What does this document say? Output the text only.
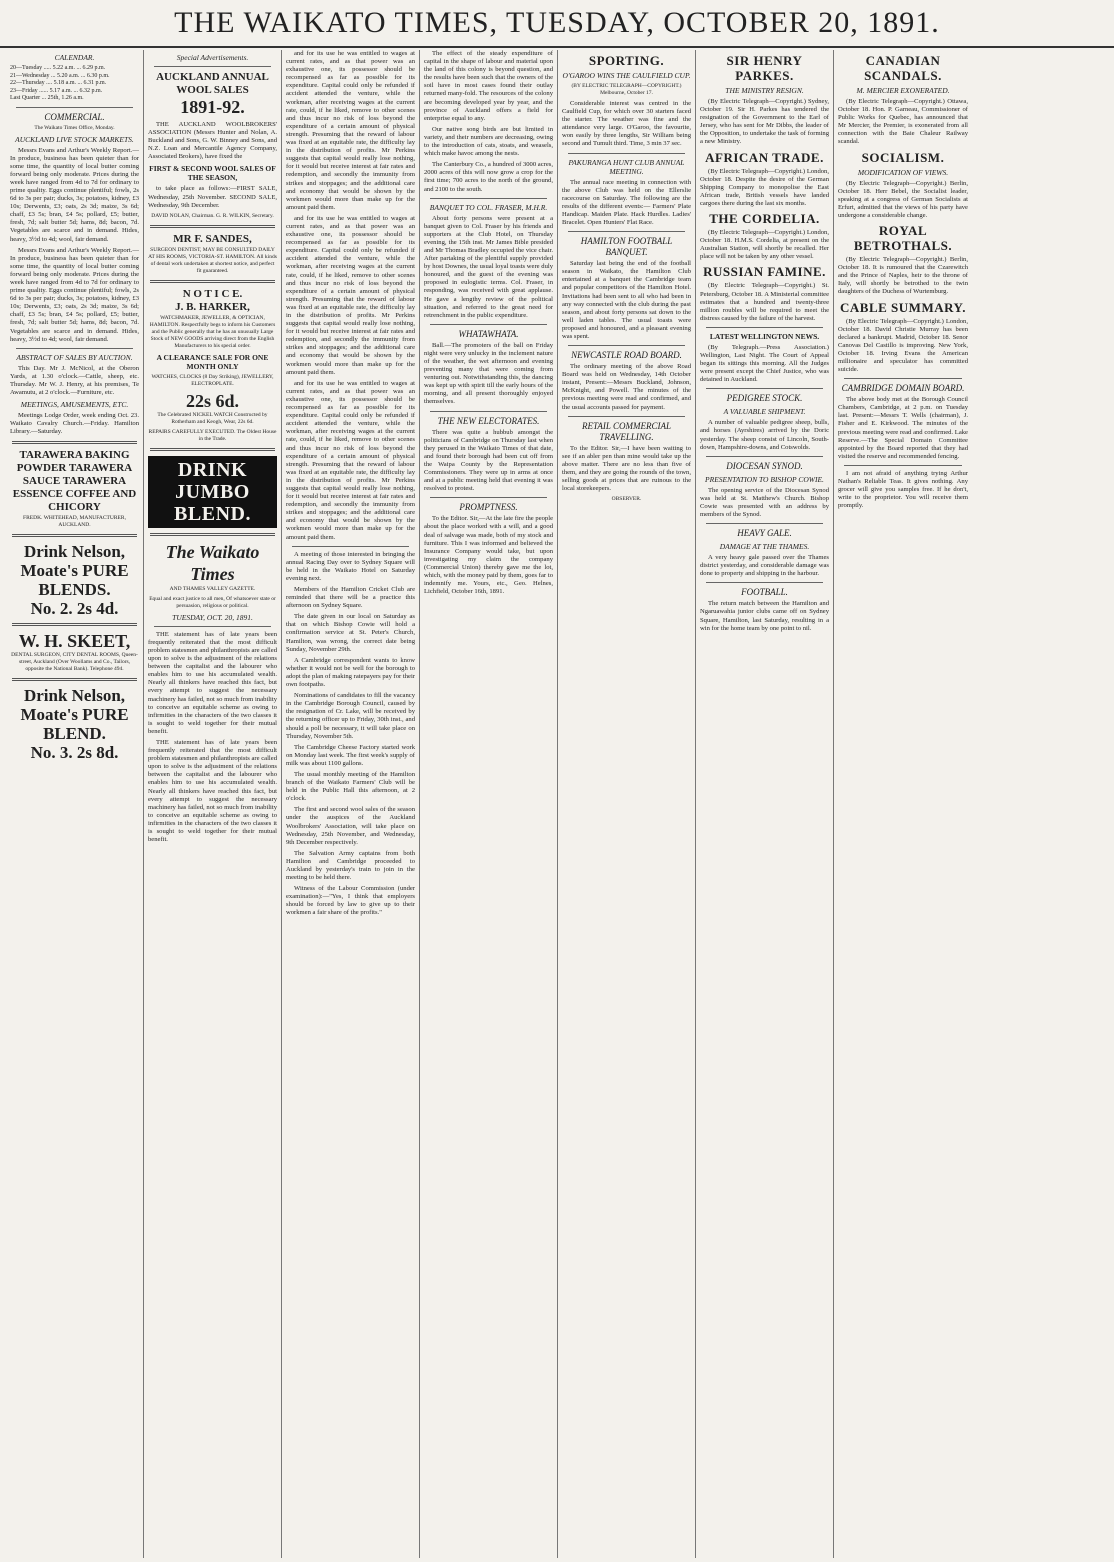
THE WAIKATO TIMES, TUESDAY, OCTOBER 20, 1891.
CALENDAR.
20—Tuesday ..... 5.22 a.m. ... 6.29 p.m.
21—Wednesday ... 5.20 a.m. ... 6.30 p.m.
22—Thursday .... 5.18 a.m. ... 6.31 p.m.
23—Friday ...... 5.17 a.m. ... 6.32 p.m.
Last Quarter ... 25th, 1.26 a.m.
COMMERCIAL.
The Waikato Times Office, Monday.
AUCKLAND LIVE STOCK MARKETS.

Messrs Evans and Arthur's Weekly Report.—In produce, business has been quieter than for some time, the quantity of local butter coming forward being only moderate. Prices during the week have ranged from 4d to 7d for ordinary to prime quality. Eggs continue plentiful; fowls, 2s 6d to 3s per pair; ducks, 3s; potatoes, kidney, £3 10s; Derwents, £3; oats, 2s 3d; maize, 3s 6d; chaff, £3 5s; bran, £4 5s; pollard, £5; butter, fresh, 7d; salt butter 5d; hams, 8d; bacon, 7d. Vegetables are scarce and in demand. Hides, heavy, 3½d to 4d; wool, fair demand.

Messrs Evans and Arthur's Weekly Report.—In produce, business has been quieter than for some time, the quantity of local butter coming forward being only moderate. Prices during the week have ranged from 4d to 7d for ordinary to prime quality. Eggs continue plentiful; fowls, 2s 6d to 3s per pair; ducks, 3s; potatoes, kidney, £3 10s; Derwents, £3; oats, 2s 3d; maize, 3s 6d; chaff, £3 5s; bran, £4 5s; pollard, £5; butter, fresh, 7d; salt butter 5d; hams, 8d; bacon, 7d. Vegetables are scarce and in demand. Hides, heavy, 3½d to 4d; wool, fair demand.

ABSTRACT OF SALES BY AUCTION.

This Day. Mr J. McNicol, at the Oberon Yards, at 1.30 o'clock.—Cattle, sheep, etc. Thursday. Mr W. J. Henry, at his premises, Te Awamutu, at 2 o'clock.—Furniture, etc.

MEETINGS, AMUSEMENTS, ETC.

Meetings Lodge Order, week ending Oct. 23. Waikato Cavalry Church.—Friday. Hamilton Library.—Saturday.

TARAWERA BAKING POWDER TARAWERA SAUCE TARAWERA ESSENCE COFFEE AND CHICORY
FREDK. WHITEHEAD, MANUFACTURER, AUCKLAND.
Drink Nelson, Moate's PURE BLENDS.
No. 2. 2s 4d.
W. H. SKEET,
DENTAL SURGEON, CITY DENTAL ROOMS, Queen-street, Auckland (Over Woollams and Co., Tailors, opposite the National Bank). Telephone 494.
Drink Nelson, Moate's PURE BLEND.
No. 3. 2s 8d.
Special Advertisements.
AUCKLAND ANNUAL WOOL SALES
1891-92.

THE AUCKLAND WOOLBROKERS' ASSOCIATION (Messrs Hunter and Nolan, A. Buckland and Sons, G. W. Binney and Sons, and N.Z. Loan and Mercantile Agency Company, Associated Brokers), have fixed the

FIRST & SECOND WOOL SALES OF THE SEASON,

to take place as follows:—FIRST SALE, Wednesday, 25th November. SECOND SALE, Wednesday, 9th December.

DAVID NOLAN, Chairman. G. R. WILKIN, Secretary.
MR F. SANDES,
SURGEON DENTIST, MAY BE CONSULTED DAILY AT HIS ROOMS, VICTORIA-ST. HAMILTON. All kinds of dental work undertaken at shortest notice, and perfect fit guaranteed.
N O T I C E.
J. B. HARKER,
WATCHMAKER, JEWELLER, & OPTICIAN, HAMILTON. Respectfully begs to inform his Customers and the Public generally that he has an unusually Large Stock of NEW GOODS arriving direct from the English Manufacturers to his special order.
A CLEARANCE SALE FOR ONE MONTH ONLY
WATCHES, CLOCKS (8 Day Striking), JEWELLERY, ELECTROPLATE.
22s 6d.
The Celebrated NICKEL WATCH Constructed by Rotherham and Keogh, Wear, 22s 6d.
REPAIRS CAREFULLY EXECUTED. The Oldest House in the Trade.
DRINK JUMBO BLEND.
The Waikato Times
AND THAMES VALLEY GAZETTE.
Equal and exact justice to all men, Of whatsoever state or persuasion, religious or political.
TUESDAY, OCT. 20, 1891.

THE statement has of late years been frequently reiterated that the most difficult problem statesmen and philanthropists are called upon to solve is the adjustment of the relations between the capitalist and the labourer who enables him to use his accumulated wealth. Nearly all thinkers have reached this fact, but every attempt to suggest the necessary machinery has failed, not so much from inability to conceive an equitable scheme as owing to infirmities in the characters of the two classes it is sought to weld together for their mutual benefit.

THE statement has of late years been frequently reiterated that the most difficult problem statesmen and philanthropists are called upon to solve is the adjustment of the relations between the capitalist and the labourer who enables him to use his accumulated wealth. Nearly all thinkers have reached this fact, but every attempt to suggest the necessary machinery has failed, not so much from inability to conceive an equitable scheme as owing to infirmities in the characters of the two classes it is sought to weld together for their mutual benefit.

and for its use he was entitled to wages at current rates, and as that power was an exhaustive one, its possessor should be recompensed as far as possible for its expenditure. Capital could only be refunded if accident attended the venture, while the workman, after receiving wages at the current rate, could, if he liked, remove to other scenes and thus incur no risk of loss beyond the expenditure of a certain amount of physical strength. Presuming that the reward of labour was fixed at an equitable rate, the difficulty lay in the distribution of profits. Mr Perkins suggests that capital would really lose nothing, for it would but receive interest at fair rates and redemption, and secondly the immunity from strikes and stoppages; and the additional care and economy that would be shown by the workmen would more than make up for the amount paid them.

and for its use he was entitled to wages at current rates, and as that power was an exhaustive one, its possessor should be recompensed as far as possible for its expenditure. Capital could only be refunded if accident attended the venture, while the workman, after receiving wages at the current rate, could, if he liked, remove to other scenes and thus incur no risk of loss beyond the expenditure of a certain amount of physical strength. Presuming that the reward of labour was fixed at an equitable rate, the difficulty lay in the distribution of profits. Mr Perkins suggests that capital would really lose nothing, for it would but receive interest at fair rates and redemption, and secondly the immunity from strikes and stoppages; and the additional care and economy that would be shown by the workmen would more than make up for the amount paid them.

and for its use he was entitled to wages at current rates, and as that power was an exhaustive one, its possessor should be recompensed as far as possible for its expenditure. Capital could only be refunded if accident attended the venture, while the workman, after receiving wages at the current rate, could, if he liked, remove to other scenes and thus incur no risk of loss beyond the expenditure of a certain amount of physical strength. Presuming that the reward of labour was fixed at an equitable rate, the difficulty lay in the distribution of profits. Mr Perkins suggests that capital would really lose nothing, for it would but receive interest at fair rates and redemption, and secondly the immunity from strikes and stoppages; and the additional care and economy that would be shown by the workmen would more than make up for the amount paid them.

A meeting of those interested in bringing the annual Racing Day over to Sydney Square will be held in the Waikato Hotel on Saturday evening next.

Members of the Hamilton Cricket Club are reminded that there will be a practice this afternoon on Sydney Square.

The date given in our local on Saturday as that on which Bishop Cowie will hold a confirmation service at St. Peter's Church, Hamilton, was wrong, the correct date being Sunday, November 29th.

A Cambridge correspondent wants to know whether it would not be well for the borough to adopt the plan of making ratepayers pay for their own footpaths.

Nominations of candidates to fill the vacancy in the Cambridge Borough Council, caused by the resignation of Cr. Lake, will be received by the returning officer up to Friday, 30th inst., and should a poll be necessary, it will take place on Thursday, November 5th.

The Cambridge Cheese Factory started work on Monday last week. The first week's supply of milk was about 1100 gallons.

The usual monthly meeting of the Hamilton branch of the Waikato Farmers' Club will be held in the Public Hall this afternoon, at 2 o'clock.

The first and second wool sales of the season under the auspices of the Auckland Woolbrokers' Association, will take place on Wednesday, 25th November, and Wednesday, 9th December respectively.

The Salvation Army captains from both Hamilton and Cambridge proceeded to Auckland by yesterday's train to join in the meeting to be held there.

Witness of the Labour Commission (under examination):—"Yes, I think that employers should be forced by law to give up to their workmen a fair share of the profits."

The effect of the steady expenditure of capital in the shape of labour and material upon the land of this colony is beyond question, and the results have been such that the owners of the soil have in most cases found their outlay returned many-fold. The resources of the colony are becoming developed year by year, and the province of Auckland offers a field for enterprise equal to any.

Our native song birds are but limited in variety, and their numbers are decreasing, owing to the introduction of cats, stoats, and weasels, which make havoc among the nests.

The Canterbury Co., a hundred of 3000 acres, 2000 acres of this will now grow a crop for the first time; 700 acres to the north of the ground, and 2100 to the south.

BANQUET TO COL. FRASER, M.H.R.

About forty persons were present at a banquet given to Col. Fraser by his friends and supporters at the Club Hotel, on Thursday evening, the 15th inst. Mr James Bible presided and Mr Thomas Bradley occupied the vice chair. After partaking of the plentiful supply provided by host Downes, the usual loyal toasts were duly honoured, and the guest of the evening was proposed in eulogistic terms. Col. Fraser, in responding, was received with great applause. He gave a lengthy review of the political situation, and referred to the great need for retrenchment in the public expenditure.

WHATAWHATA.

Ball.—The promoters of the ball on Friday night were very unlucky in the inclement nature of the weather, the wet afternoon and evening preventing many that were coming from venturing out. Notwithstanding this, the dancing was kept up with spirit till the early hours of the morning, and all present thoroughly enjoyed themselves.

THE NEW ELECTORATES.

There was quite a hubbub amongst the politicians of Cambridge on Thursday last when they perused in the Waikato Times of that date, and found their borough had been cut off from the Waipa County by the Representation Commissioners. They were up in arms at once and at a public meeting held that evening it was resolved to protest.

PROMPTNESS.

To the Editor. Sir,—At the late fire the people about the place worked with a will, and a good deal of salvage was made, both of my stock and furniture. This I was informed and believed the Insurance Company would take, but upon investigating my claim the company (Commercial Union) thereby gave me the lot, which, with the money paid by them, goes far to indemnify me. Yours, etc., Geo. Helnes, Lichfield, October 16th, 1891.

SPORTING.
O'GAROO WINS THE CAULFIELD CUP.
(BY ELECTRIC TELEGRAPH—COPYRIGHT.) Melbourne, October 17.

Considerable interest was centred in the Caulfield Cup, for which over 30 starters faced the starter. The weather was fine and the attendance very large. O'Garoo, the favourite, won easily by three lengths, Sir William being second and Tumult third. Time, 3 min 37 sec.

PAKURANGA HUNT CLUB ANNUAL MEETING.

The annual race meeting in connection with the above Club was held on the Ellerslie racecourse on Saturday. The following are the results of the different events:— Farmers' Plate Handicap. Maiden Plate. Hack Hurdles. Ladies' Bracelet. Open Hunters' Flat Race.

HAMILTON FOOTBALL BANQUET.

Saturday last being the end of the football season in Waikato, the Hamilton Club entertained at a banquet the Cambridge team and popular competitors of the Hamilton Hotel. Invitations had been sent to all who had been in any way connected with the club during the past season, and about forty persons sat down to the well laden tables. The usual toasts were proposed and honoured, and a pleasant evening was spent.

NEWCASTLE ROAD BOARD.

The ordinary meeting of the above Road Board was held on Wednesday, 14th October instant, Present:—Messrs Buckland, Johnson, McKnight, and Powell. The minutes of the previous meeting were read and confirmed, and the usual accounts passed for payment.

RETAIL COMMERCIAL TRAVELLING.

To the Editor. Sir,—I have been waiting to see if an abler pen than mine would take up the above matter. There are no less than five of them, and they are going the rounds of the town, selling goods at prices that are ruinous to the local storekeepers.

OBSERVER.
SIR HENRY PARKES.
THE MINISTRY RESIGN.

(By Electric Telegraph—Copyright.) Sydney, October 19. Sir H. Parkes has tendered the resignation of the Government to the Earl of Jersey, who has sent for Mr Dibbs, the leader of the Opposition, to undertake the task of forming a new Ministry.

AFRICAN TRADE.

(By Electric Telegraph—Copyright.) London, October 18. Despite the desire of the German Shipping Company to monopolise the East African trade, British vessels have landed cargoes there during the last six months.

THE CORDELIA.

(By Electric Telegraph—Copyright.) London, October 18. H.M.S. Cordelia, at present on the Australian Station, will shortly be recalled. Her place will not be taken by any other vessel.

RUSSIAN FAMINE.

(By Electric Telegraph—Copyright.) St. Petersburg, October 18. A Ministerial committee estimates that a hundred and twenty-three million roubles will be required to meet the distress caused by the failure of the harvest.

LATEST WELLINGTON NEWS.

(By Telegraph.—Press Association.) Wellington, Last Night. The Court of Appeal began its sittings this morning. All the Judges were present except the Chief Justice, who was detained in Auckland.

PEDIGREE STOCK.
A VALUABLE SHIPMENT.

A number of valuable pedigree sheep, bulls, and horses (Ayrshires) arrived by the Doric yesterday. The sheep consist of Lincoln, South-down, Hampshire-downs, and Cotswolds.

DIOCESAN SYNOD.
PRESENTATION TO BISHOP COWIE.

The opening service of the Diocesan Synod was held at St. Matthew's Church. Bishop Cowie was presented with an address by members of the Synod.

HEAVY GALE.
DAMAGE AT THE THAMES.

A very heavy gale passed over the Thames district yesterday, and considerable damage was done to property and shipping in the harbour.

FOOTBALL.

The return match between the Hamilton and Ngaruawahia junior clubs came off on Sydney Square, Hamilton, last Saturday, resulting in a win for the home team by one point to nil.

CANADIAN SCANDALS.
M. MERCIER EXONERATED.

(By Electric Telegraph—Copyright.) Ottawa, October 18. Hon. P. Garneau, Commissioner of Public Works for Quebec, has announced that Mr Mercier, the Premier, is exonerated from all connection with the Baie Chaleur Railway scandal.

SOCIALISM.
MODIFICATION OF VIEWS.

(By Electric Telegraph—Copyright.) Berlin, October 18. Herr Bebel, the Socialist leader, speaking at a congress of German Socialists at Erfurt, admitted that the views of his party have undergone a considerable change.

ROYAL BETROTHALS.

(By Electric Telegraph—Copyright.) Berlin, October 18. It is rumoured that the Czarewitch and the Prince of Naples, heir to the throne of Italy, will shortly be betrothed to the twin daughters of the Duchess of Wurtemburg.

CABLE SUMMARY.

(By Electric Telegraph—Copyright.) London, October 18. David Christie Murray has been declared a bankrupt. Madrid, October 18. Senor Canovas Del Castillo is improving. New York, October 18. Irving Evans the American millionaire and speculator has committed suicide.

CAMBRIDGE DOMAIN BOARD.

The above body met at the Borough Council Chambers, Cambridge, at 2 p.m. on Tuesday last. Present:—Messrs T. Wells (chairman), J. Fisher and E. Kirkwood. The minutes of the previous meeting were read and confirmed. Lake Reserve.—The Special Domain Committee appointed by the Board reported that they had visited the reserve and recommended fencing.

I am not afraid of anything trying Arthur Nathan's Reliable Teas. It gives nothing. Any grocer will give you samples free. If he don't, write to the proprietor. You will receive them promptly.
